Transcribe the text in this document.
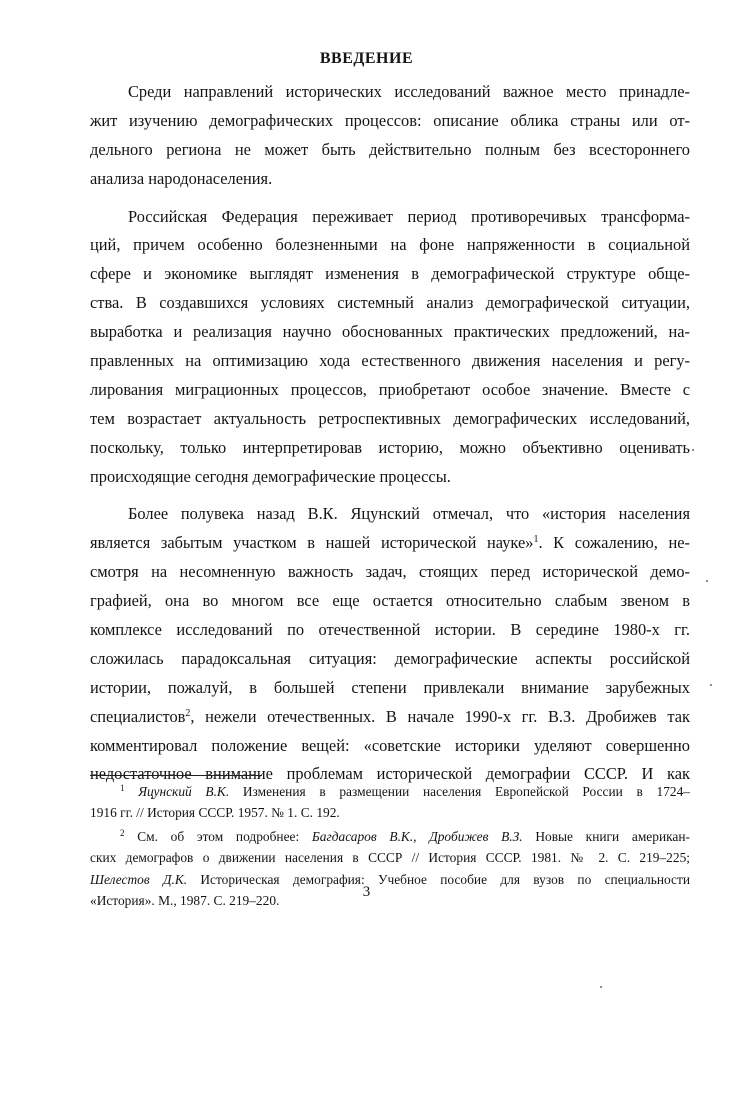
ВВЕДЕНИЕ
Среди направлений исторических исследований важное место принадле-
жит изучению демографических процессов: описание облика страны или от-
дельного региона не может быть действительно полным без всестороннего
анализа народонаселения.
Российская Федерация переживает период противоречивых трансформа-
ций, причем особенно болезненными на фоне напряженности в социальной
сфере и экономике выглядят изменения в демографической структуре обще-
ства. В создавшихся условиях системный анализ демографической ситуации,
выработка и реализация научно обоснованных практических предложений, на-
правленных на оптимизацию хода естественного движения населения и регу-
лирования миграционных процессов, приобретают особое значение. Вместе с
тем возрастает актуальность ретроспективных демографических исследований,
поскольку, только интерпретировав историю, можно объективно оценивать
происходящие сегодня демографические процессы.
Более полувека назад В.К. Яцунский отмечал, что «история населения
является забытым участком в нашей исторической науке»$^1$. К сожалению, не-
смотря на несомненную важность задач, стоящих перед исторической демо-
графией, она во многом все еще остается относительно слабым звеном в
комплексе исследований по отечественной истории. В середине 1980-х гг.
сложилась парадоксальная ситуация: демографические аспекты российской
истории, пожалуй, в большей степени привлекали внимание зарубежных
специалистов$^2$, нежели отечественных. В начале 1990-х гг. В.З. Дробижев так
комментировал положение вещей: «советские историки уделяют совершенно
недостаточное внимание проблемам исторической демографии СССР. И как
$^1$ Яцунский В.К. Изменения в размещении населения Европейской России в 1724–
1916 гг. // История СССР. 1957. № 1. С. 192.
$^2$ См. об этом подробнее: Багдасаров В.К., Дробижев В.З. Новые книги американ-
ских демографов о движении населения в СССР // История СССР. 1981. № 2. С. 219–225;
Шелестов Д.К. Историческая демография: Учебное пособие для вузов по специальности
«История». М., 1987. С. 219–220.
3
